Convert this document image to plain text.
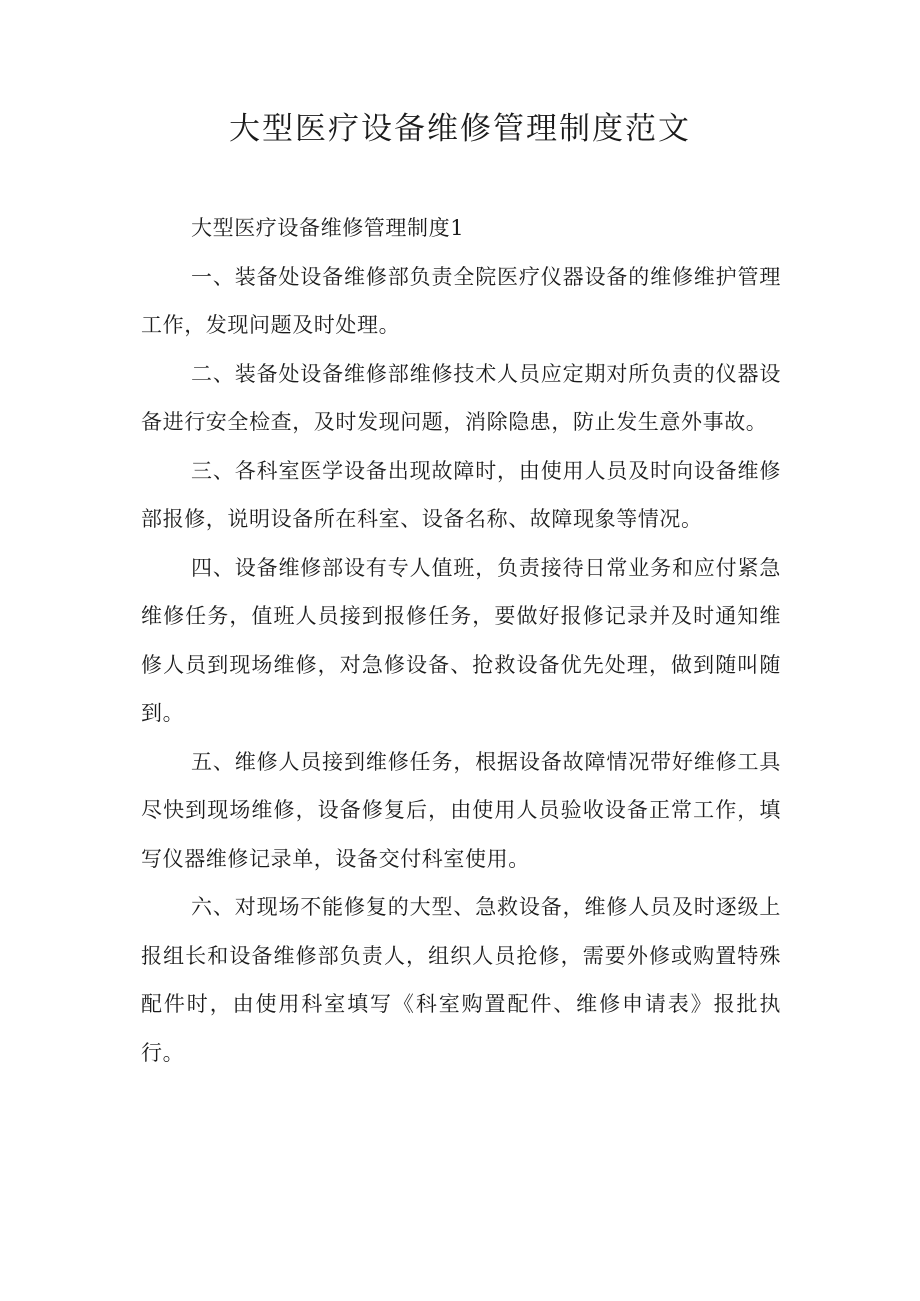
大型医疗设备维修管理制度范文

大型医疗设备维修管理制度1

一、装备处设备维修部负责全院医疗仪器设备的维修维护管理工作，发现问题及时处理。

二、装备处设备维修部维修技术人员应定期对所负责的仪器设备进行安全检查，及时发现问题，消除隐患，防止发生意外事故。

三、各科室医学设备出现故障时，由使用人员及时向设备维修部报修，说明设备所在科室、设备名称、故障现象等情况。

四、设备维修部设有专人值班，负责接待日常业务和应付紧急维修任务，值班人员接到报修任务，要做好报修记录并及时通知维修人员到现场维修，对急修设备、抢救设备优先处理，做到随叫随到。

五、维修人员接到维修任务，根据设备故障情况带好维修工具尽快到现场维修，设备修复后，由使用人员验收设备正常工作，填写仪器维修记录单，设备交付科室使用。

六、对现场不能修复的大型、急救设备，维修人员及时逐级上报组长和设备维修部负责人，组织人员抢修，需要外修或购置特殊配件时，由使用科室填写《科室购置配件、维修申请表》报批执行。
